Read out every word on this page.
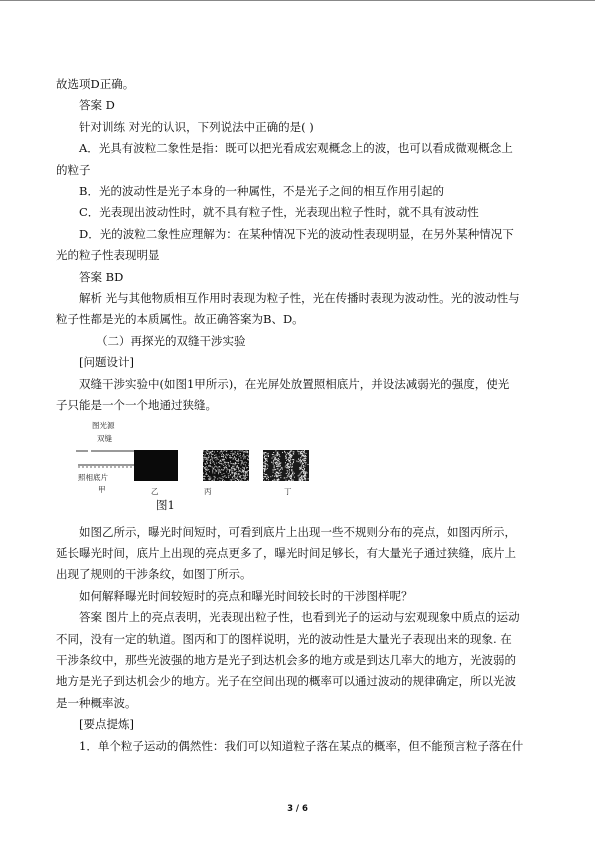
故选项D正确。

答案 D

针对训练 对光的认识，下列说法中正确的是( )

A．光具有波粒二象性是指：既可以把光看成宏观概念上的波，也可以看成微观概念上

的粒子

B．光的波动性是光子本身的一种属性，不是光子之间的相互作用引起的

C．光表现出波动性时，就不具有粒子性，光表现出粒子性时，就不具有波动性

D．光的波粒二象性应理解为：在某种情况下光的波动性表现明显，在另外某种情况下

光的粒子性表现明显

答案 BD

解析 光与其他物质相互作用时表现为粒子性，光在传播时表现为波动性。光的波动性与

粒子性都是光的本质属性。故正确答案为B、D。

（二）再探光的双缝干涉实验

[问题设计]

双缝干涉实验中(如图1甲所示)，在光屏处放置照相底片，并设法减弱光的强度，使光

子只能是一个一个地通过狭缝。

图光源
双缝
照相底片
甲	乙	丙	丁
图1

如图乙所示，曝光时间短时，可看到底片上出现一些不规则分布的亮点，如图丙所示，

延长曝光时间，底片上出现的亮点更多了，曝光时间足够长，有大量光子通过狭缝，底片上

出现了规则的干涉条纹，如图丁所示。

如何解释曝光时间较短时的亮点和曝光时间较长时的干涉图样呢？

答案 图片上的亮点表明，光表现出粒子性，也看到光子的运动与宏观现象中质点的运动

不同，没有一定的轨道。图丙和丁的图样说明，光的波动性是大量光子表现出来的现象. 在

干涉条纹中，那些光波强的地方是光子到达机会多的地方或是到达几率大的地方，光波弱的

地方是光子到达机会少的地方。光子在空间出现的概率可以通过波动的规律确定，所以光波

是一种概率波。

[要点提炼]

1．单个粒子运动的偶然性：我们可以知道粒子落在某点的概率，但不能预言粒子落在什

3 / 6
